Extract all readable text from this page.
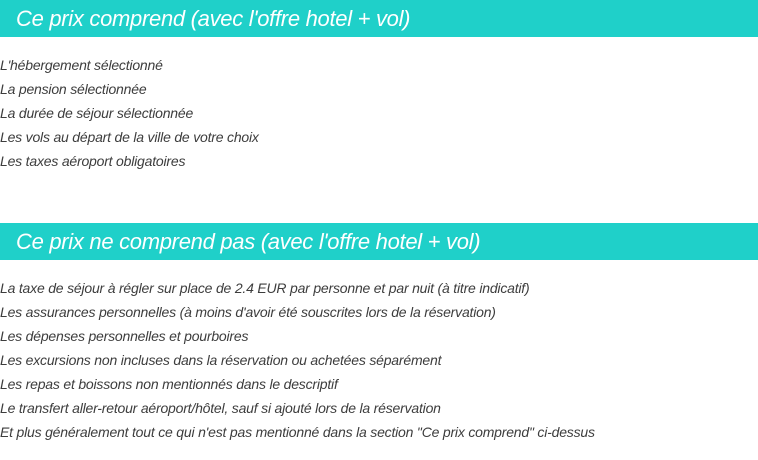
Ce prix comprend (avec l'offre hotel + vol)
L'hébergement sélectionné
La pension sélectionnée
La durée de séjour sélectionnée
Les vols au départ de la ville de votre choix
Les taxes aéroport obligatoires
Ce prix ne comprend pas (avec l'offre hotel + vol)
La taxe de séjour à régler sur place de 2.4 EUR par personne et par nuit (à titre indicatif)
Les assurances personnelles (à moins d'avoir été souscrites lors de la réservation)
Les dépenses personnelles et pourboires
Les excursions non incluses dans la réservation ou achetées séparément
Les repas et boissons non mentionnés dans le descriptif
Le transfert aller-retour aéroport/hôtel, sauf si ajouté lors de la réservation
Et plus généralement tout ce qui n'est pas mentionné dans la section "Ce prix comprend" ci-dessus
